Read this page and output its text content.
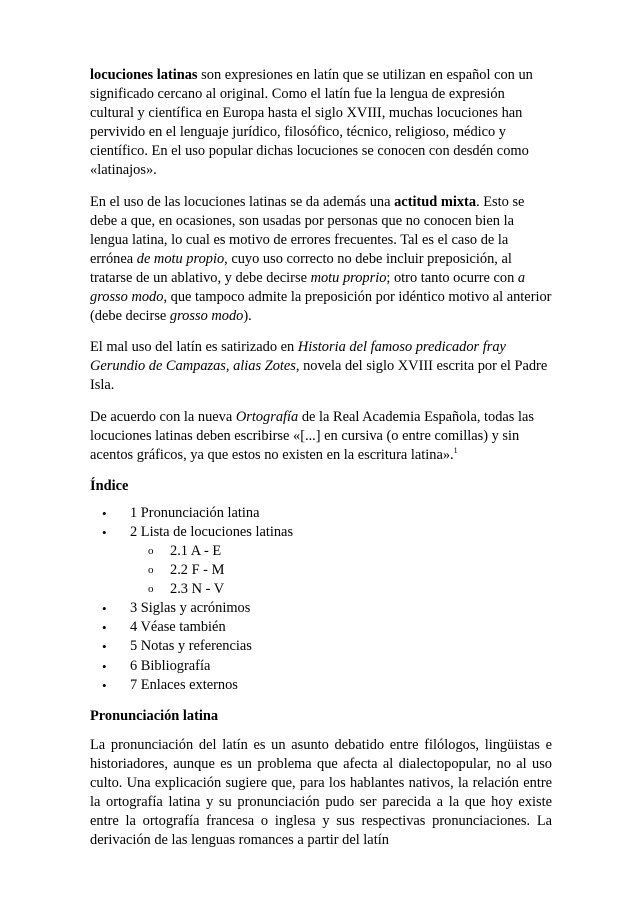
locuciones latinas son expresiones en latín que se utilizan en español con un significado cercano al original. Como el latín fue la lengua de expresión cultural y científica en Europa hasta el siglo XVIII, muchas locuciones han pervivido en el lenguaje jurídico, filosófico, técnico, religioso, médico y científico. En el uso popular dichas locuciones se conocen con desdén como «latinajos».

En el uso de las locuciones latinas se da además una actitud mixta. Esto se debe a que, en ocasiones, son usadas por personas que no conocen bien la lengua latina, lo cual es motivo de errores frecuentes. Tal es el caso de la errónea de motu propio, cuyo uso correcto no debe incluir preposición, al tratarse de un ablativo, y debe decirse motu proprio; otro tanto ocurre con a grosso modo, que tampoco admite la preposición por idéntico motivo al anterior (debe decirse grosso modo).

El mal uso del latín es satirizado en Historia del famoso predicador fray Gerundio de Campazas, alias Zotes, novela del siglo XVIII escrita por el Padre Isla.

De acuerdo con la nueva Ortografía de la Real Academia Española, todas las locuciones latinas deben escribirse «[...] en cursiva (o entre comillas) y sin acentos gráficos, ya que estos no existen en la escritura latina».$^1$

Índice
• 1 Pronunciación latina
• 2 Lista de locuciones latinas
o 2.1 A - E
o 2.2 F - M
o 2.3 N - V
• 3 Siglas y acrónimos
• 4 Véase también
• 5 Notas y referencias
• 6 Bibliografía
• 7 Enlaces externos
Pronunciación latina

La pronunciación del latín es un asunto debatido entre filólogos, lingüistas e historiadores, aunque es un problema que afecta al dialectopopular, no al uso culto. Una explicación sugiere que, para los hablantes nativos, la relación entre la ortografía latina y su pronunciación pudo ser parecida a la que hoy existe entre la ortografía francesa o inglesa y sus respectivas pronunciaciones. La derivación de las lenguas romances a partir del latín
